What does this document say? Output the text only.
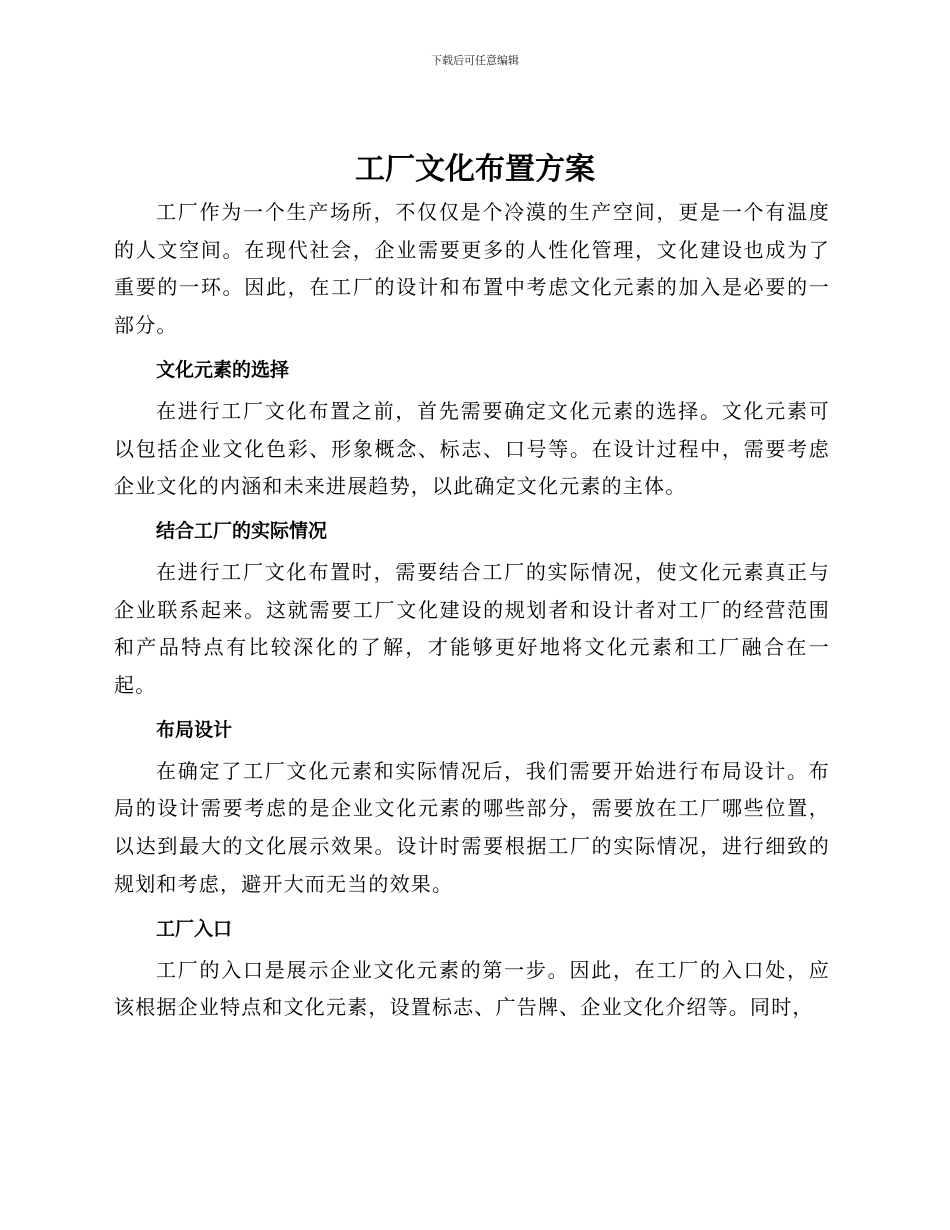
下载后可任意编辑
工厂文化布置方案

工厂作为一个生产场所，不仅仅是个冷漠的生产空间，更是一个有温度的人文空间。在现代社会，企业需要更多的人性化管理，文化建设也成为了重要的一环。因此，在工厂的设计和布置中考虑文化元素的加入是必要的一部分。

文化元素的选择

在进行工厂文化布置之前，首先需要确定文化元素的选择。文化元素可以包括企业文化色彩、形象概念、标志、口号等。在设计过程中，需要考虑企业文化的内涵和未来进展趋势，以此确定文化元素的主体。

结合工厂的实际情况

在进行工厂文化布置时，需要结合工厂的实际情况，使文化元素真正与企业联系起来。这就需要工厂文化建设的规划者和设计者对工厂的经营范围和产品特点有比较深化的了解，才能够更好地将文化元素和工厂融合在一起。

布局设计

在确定了工厂文化元素和实际情况后，我们需要开始进行布局设计。布局的设计需要考虑的是企业文化元素的哪些部分，需要放在工厂哪些位置，以达到最大的文化展示效果。设计时需要根据工厂的实际情况，进行细致的规划和考虑，避开大而无当的效果。

工厂入口

工厂的入口是展示企业文化元素的第一步。因此，在工厂的入口处，应该根据企业特点和文化元素，设置标志、广告牌、企业文化介绍等。同时，
